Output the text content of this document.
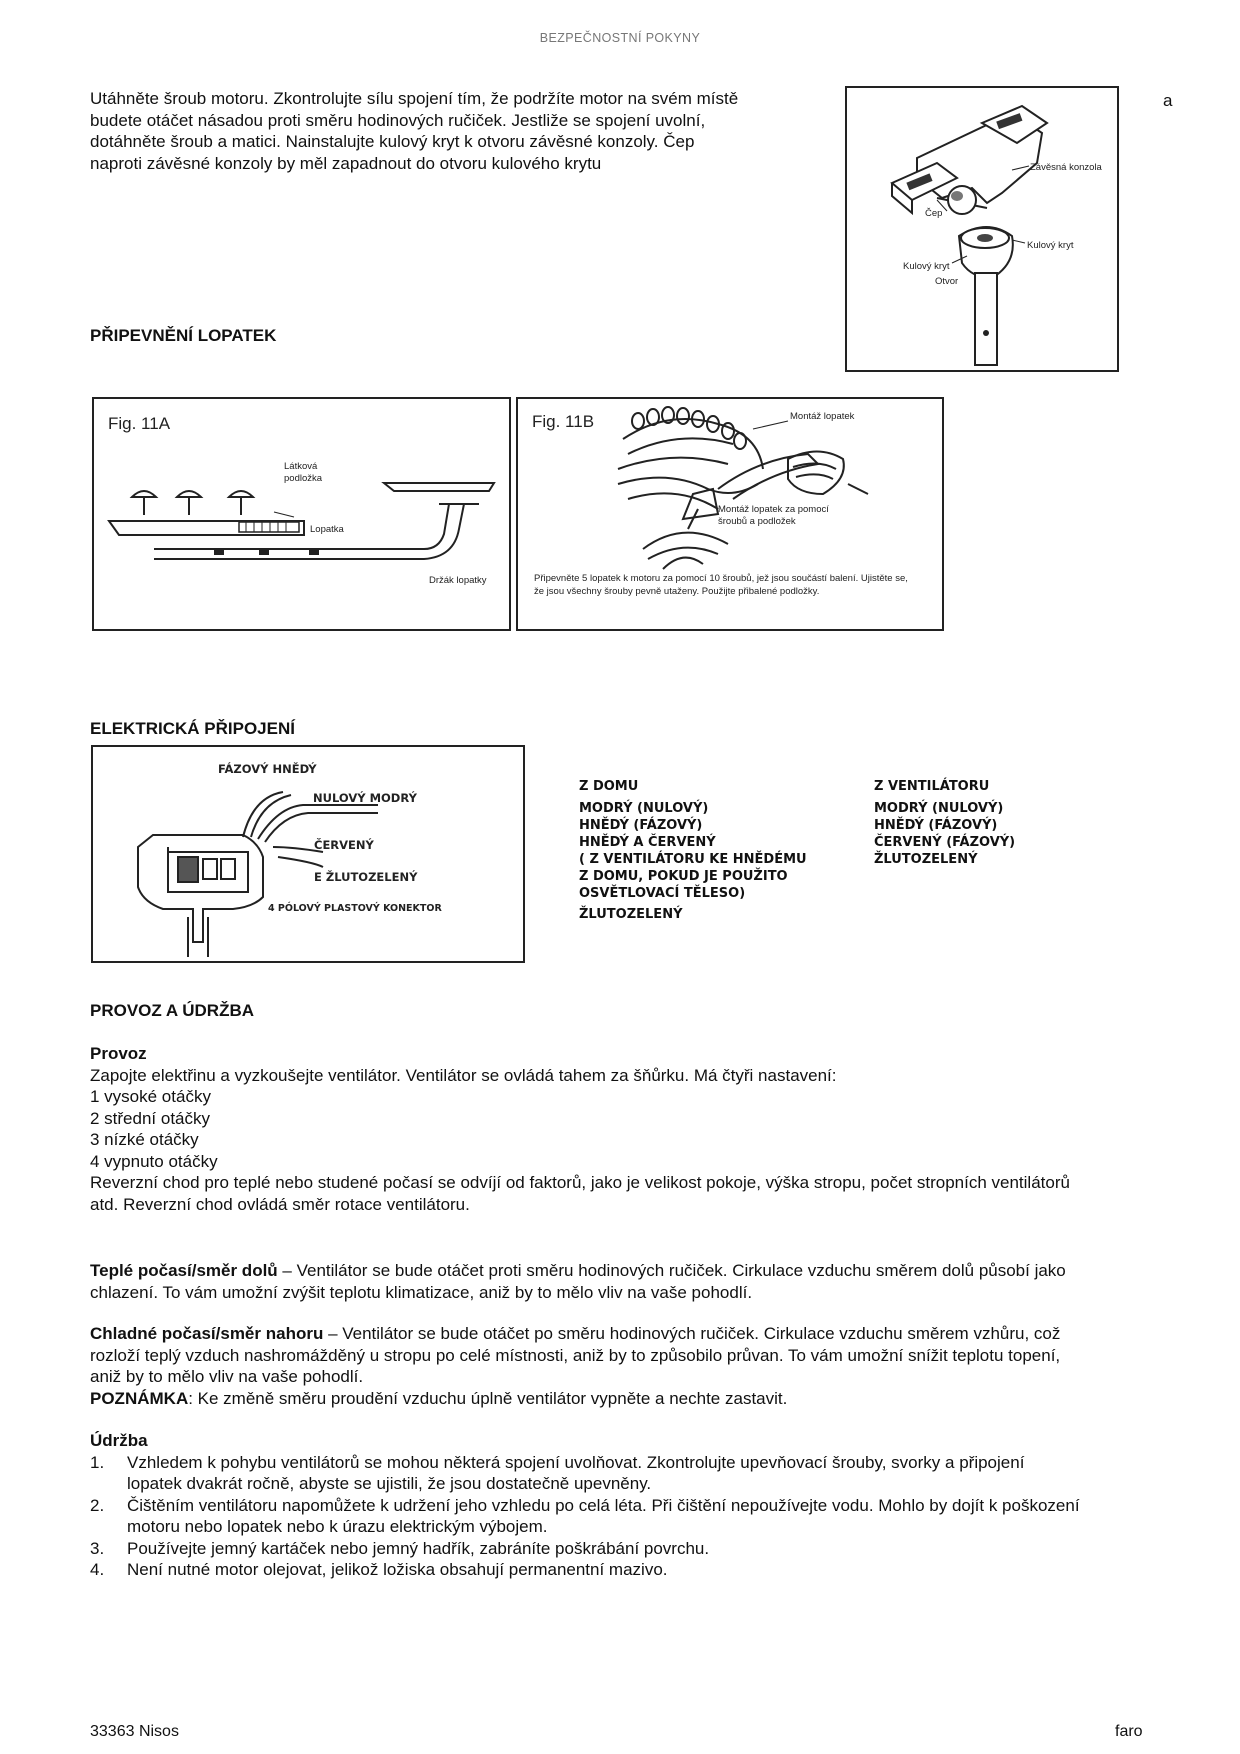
BEZPEČNOSTNÍ POKYNY

Utáhněte šroub motoru. Zkontrolujte sílu spojení tím, že podržíte motor na svém místě

budete otáčet násadou proti směru hodinových ručiček. Jestliže se spojení uvolní,

dotáhněte šroub a matici. Nainstalujte kulový kryt k otvoru závěsné konzoly. Čep

naproti závěsné konzoly by měl zapadnout do otvoru kulového krytu

a
Závěsná konzola
Čep
Kulový kryt
Kulový kryt
Otvor
PŘIPEVNĚNÍ LOPATEK
Fig. 11A
Látková
podložka
Lopatka
Držák lopatky
Fig. 11B	Montáž lopatek
Montáž lopatek za pomocí
šroubů a podložek
Připevněte 5 lopatek k motoru za pomocí 10 šroubů, jež jsou součástí balení. Ujistěte se,
že jsou všechny šrouby pevně utaženy. Použijte přibalené podložky.
ELEKTRICKÁ PŘIPOJENÍ
FÁZOVÝ HNĚDÝ
NULOVÝ MODRÝ
ČERVENÝ
E ŽLUTOZELENÝ
4 PÓLOVÝ PLASTOVÝ KONEKTOR
Z DOMU
MODRÝ (NULOVÝ)
HNĚDÝ (FÁZOVÝ)
HNĚDÝ A ČERVENÝ
( Z VENTILÁTORU KE HNĚDÉMU
Z DOMU, POKUD JE POUŽITO
OSVĚTLOVACÍ TĚLESO)
ŽLUTOZELENÝ
Z VENTILÁTORU
MODRÝ (NULOVÝ)
HNĚDÝ (FÁZOVÝ)
ČERVENÝ (FÁZOVÝ)
ŽLUTOZELENÝ
PROVOZ A ÚDRŽBA

Provoz

Zapojte elektřinu a vyzkoušejte ventilátor. Ventilátor se ovládá tahem za šňůrku. Má čtyři nastavení:

1 vysoké otáčky

2 střední otáčky

3 nízké otáčky

4 vypnuto otáčky

Reverzní chod pro teplé nebo studené počasí se odvíjí od faktorů, jako je velikost pokoje, výška stropu, počet stropních ventilátorů

atd. Reverzní chod ovládá směr rotace ventilátoru.

Teplé počasí/směr dolů – Ventilátor se bude otáčet proti směru hodinových ručiček. Cirkulace vzduchu směrem dolů působí jako

chlazení. To vám umožní zvýšit teplotu klimatizace, aniž by to mělo vliv na vaše pohodlí.

Chladné počasí/směr nahoru – Ventilátor se bude otáčet po směru hodinových ručiček. Cirkulace vzduchu směrem vzhůru, což

rozloží teplý vzduch nashromážděný u stropu po celé místnosti, aniž by to způsobilo průvan. To vám umožní snížit teplotu topení,

aniž by to mělo vliv na vaše pohodlí.

POZNÁMKA: Ke změně směru proudění vzduchu úplně ventilátor vypněte a nechte zastavit.

Údržba

1. Vzhledem k pohybu ventilátorů se mohou některá spojení uvolňovat. Zkontrolujte upevňovací šrouby, svorky a připojení
lopatek dvakrát ročně, abyste se ujistili, že jsou dostatečně upevněny.
2. Čištěním ventilátoru napomůžete k udržení jeho vzhledu po celá léta. Při čištění nepoužívejte vodu. Mohlo by dojít k poškození
motoru nebo lopatek nebo k úrazu elektrickým výbojem.
3. Používejte jemný kartáček nebo jemný hadřík, zabráníte poškrábání povrchu.
4. Není nutné motor olejovat, jelikož ložiska obsahují permanentní mazivo.
33363 Nisos	faro
